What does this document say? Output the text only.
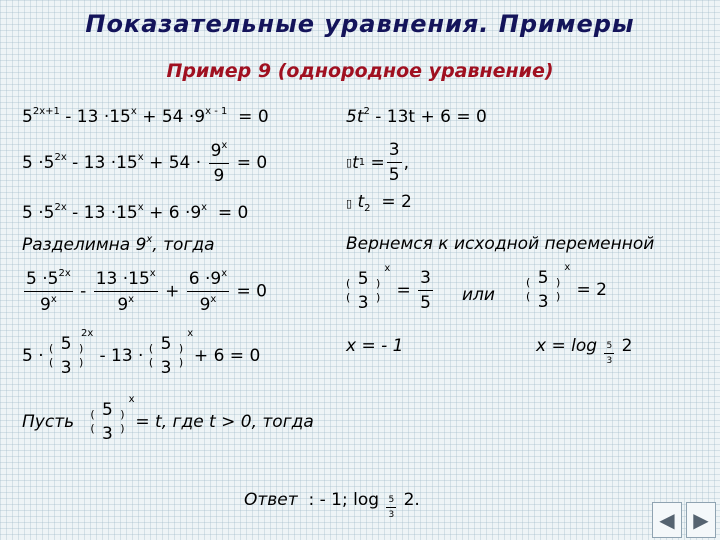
Показательные уравнения. Примеры
Пример 9 (однородное уравнение)
$5^{2x+1} - 13 \cdot 15^x + 54 \cdot 9^{x - 1} = 0$
$5 \cdot 5^{2x} - 13 \cdot 15^x + 54 \cdot \frac{9^x}{9} = 0$
$5 \cdot 5^{2x} - 13 \cdot 15^x + 6 \cdot 9^x = 0$
Разделимна 9$^x$, тогда
$\frac{5 \cdot 5^{2x}}{9^x} - \frac{13 \cdot 15^x}{9^x} + \frac{6 \cdot 9^x}{9^x} = 0$
5 · (
(
5
3
)
)
2x
- 13 · (
(
5
3
)
)
x
+ 6 = 0
Пусть (
(
5
3
)
)
x
= t, где t > 0, тогда
$5t^2 - 13t + 6 = 0$
▯ t 1
= $\frac{3}{5}$ ,
▯ $t_2 = 2$
Вернемся к исходной переменной
(
(
5
3
)
)
x
= $\frac{3}{5}$ или
(
(
5
3
)
)
x
= 2
x = - 1	$x = \log \frac{5}{3} 2$
Ответ : - 1; $\log \frac{5}{3} 2$.
◀ ▶
